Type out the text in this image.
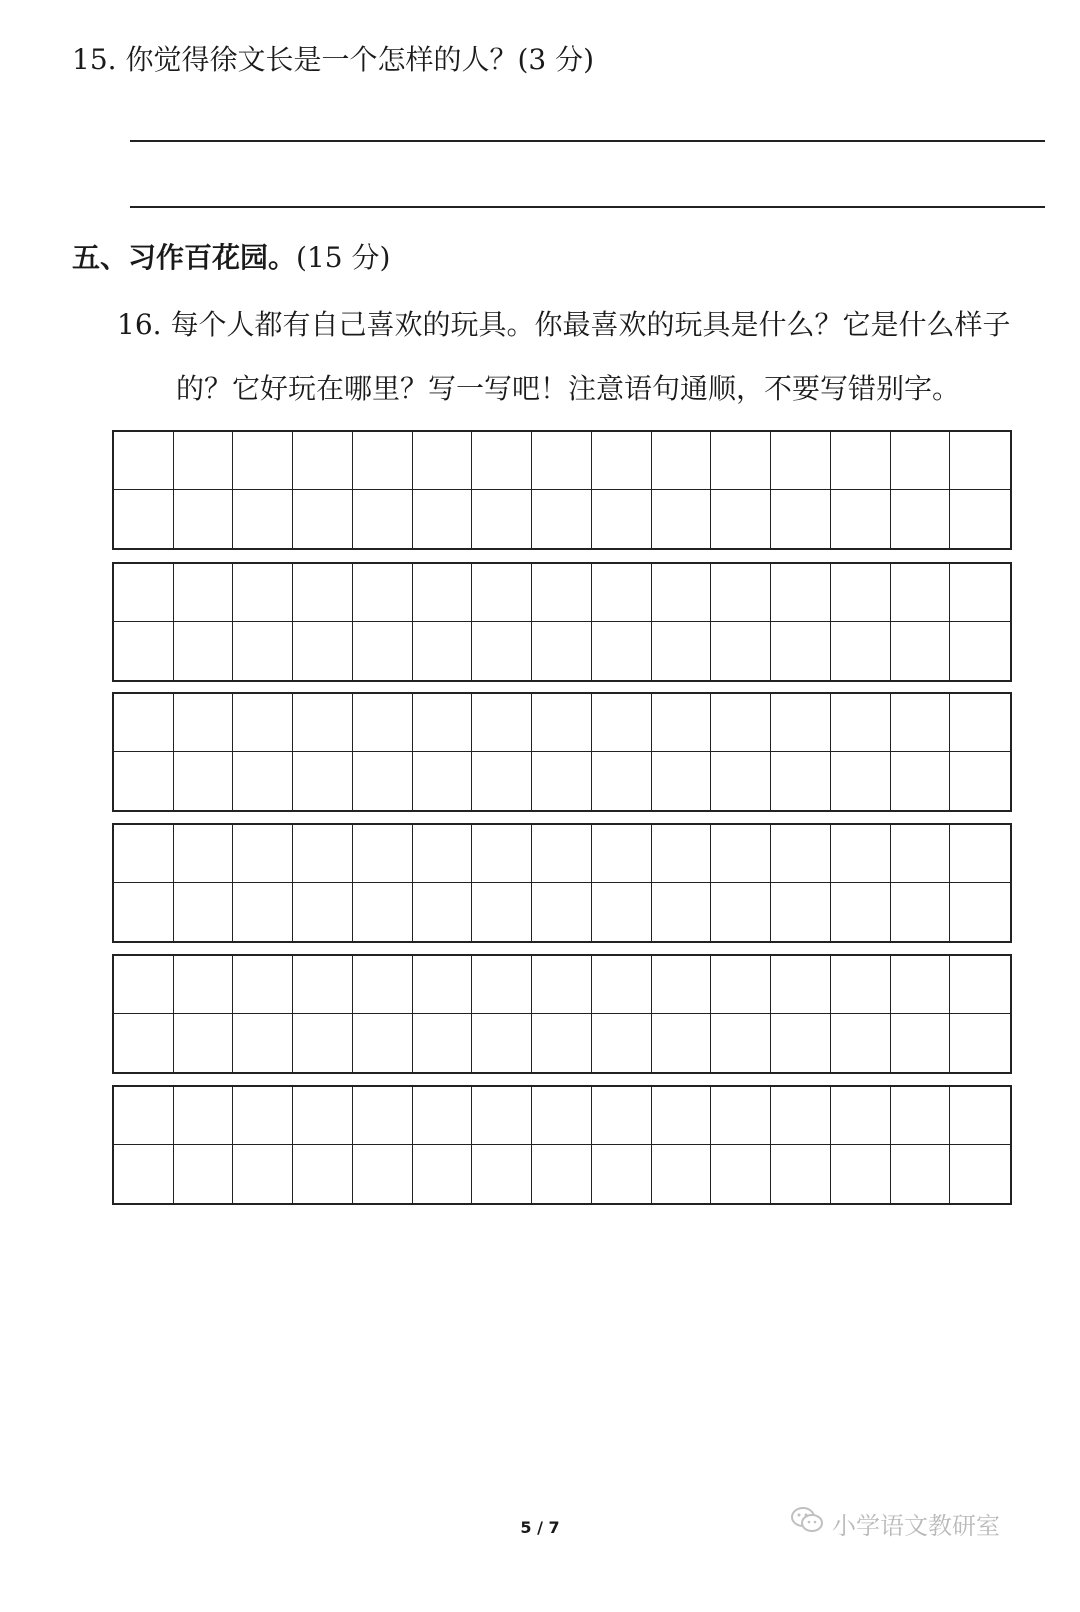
15. 你觉得徐文长是一个怎样的人？(3 分)
五、习作百花园。(15 分)
16. 每个人都有自己喜欢的玩具。你最喜欢的玩具是什么？它是什么样子
的？它好玩在哪里？写一写吧！注意语句通顺，不要写错别字。
5 / 7	小学语文教研室
